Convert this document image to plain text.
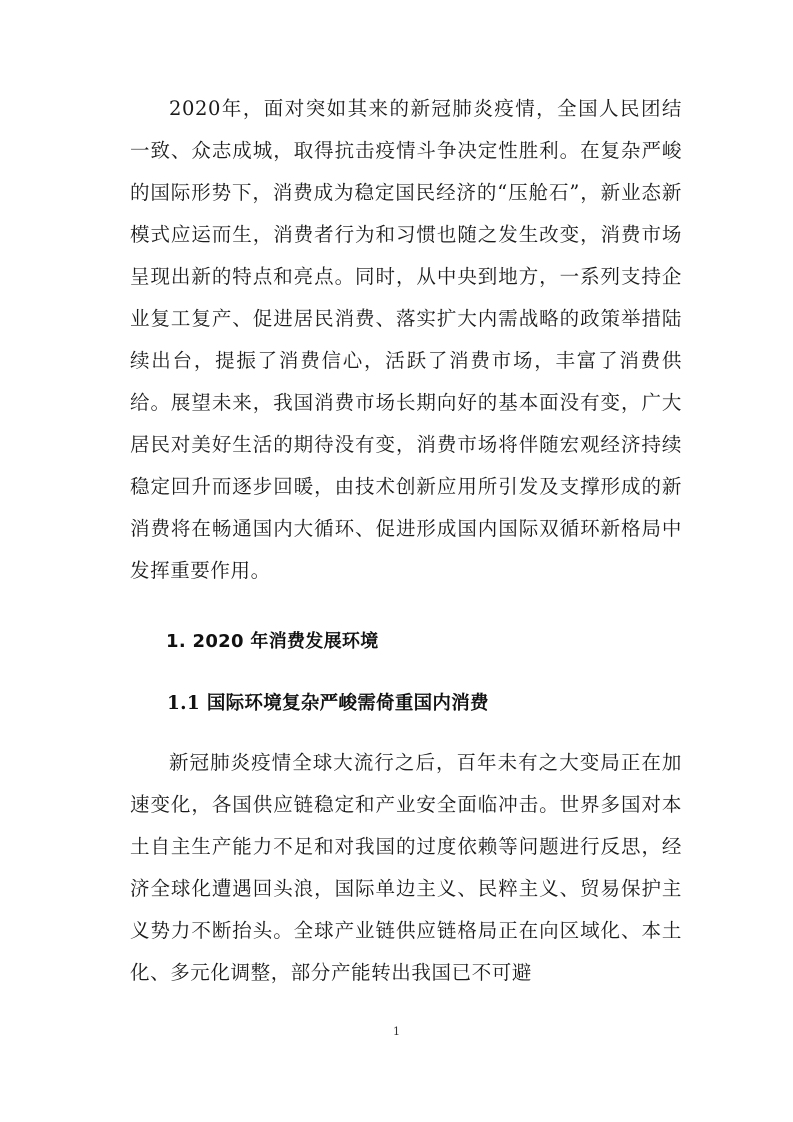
2020年，面对突如其来的新冠肺炎疫情，全国人民团结一致、众志成城，取得抗击疫情斗争决定性胜利。在复杂严峻的国际形势下，消费成为稳定国民经济的“压舱石”，新业态新模式应运而生，消费者行为和习惯也随之发生改变，消费市场呈现出新的特点和亮点。同时，从中央到地方，一系列支持企业复工复产、促进居民消费、落实扩大内需战略的政策举措陆续出台，提振了消费信心，活跃了消费市场，丰富了消费供给。展望未来，我国消费市场长期向好的基本面没有变，广大居民对美好生活的期待没有变，消费市场将伴随宏观经济持续稳定回升而逐步回暖，由技术创新应用所引发及支撑形成的新消费将在畅通国内大循环、促进形成国内国际双循环新格局中发挥重要作用。

1. 2020 年消费发展环境
1.1 国际环境复杂严峻需倚重国内消费

新冠肺炎疫情全球大流行之后，百年未有之大变局正在加速变化，各国供应链稳定和产业安全面临冲击。世界多国对本土自主生产能力不足和对我国的过度依赖等问题进行反思，经济全球化遭遇回头浪，国际单边主义、民粹主义、贸易保护主义势力不断抬头。全球产业链供应链格局正在向区域化、本土化、多元化调整，部分产能转出我国已不可避

1
